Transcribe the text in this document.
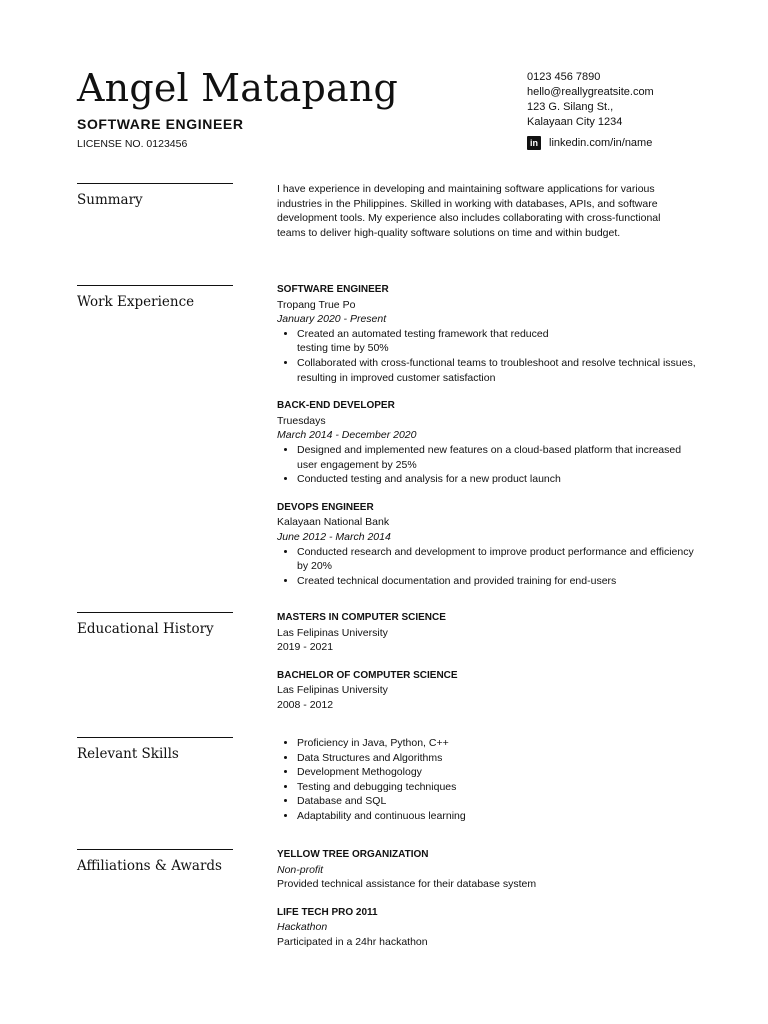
Angel Matapang
SOFTWARE ENGINEER
LICENSE NO. 0123456
0123 456 7890
hello@reallygreatsite.com
123 G. Silang St.,
Kalayaan City 1234
in linkedin.com/in/name
Summary
I have experience in developing and maintaining software applications for various industries in the Philippines. Skilled in working with databases, APIs, and software development tools. My experience also includes collaborating with cross-functional teams to deliver high-quality software solutions on time and within budget.
Work Experience

SOFTWARE ENGINEER

Tropang True Po

January 2020 - Present

• Created an automated testing framework that reduced testing time by 50%
• Collaborated with cross-functional teams to troubleshoot and resolve technical issues, resulting in improved customer satisfaction

BACK-END DEVELOPER

Truesdays

March 2014 - December 2020

• Designed and implemented new features on a cloud-based platform that increased user engagement by 25%
• Conducted testing and analysis for a new product launch

DEVOPS ENGINEER

Kalayaan National Bank

June 2012 - March 2014

• Conducted research and development to improve product performance and efficiency by 20%
• Created technical documentation and provided training for end-users
Educational History

MASTERS IN COMPUTER SCIENCE

Las Felipinas University

2019 - 2021

BACHELOR OF COMPUTER SCIENCE

Las Felipinas University

2008 - 2012

Relevant Skills
• Proficiency in Java, Python, C++
• Data Structures and Algorithms
• Development Methogology
• Testing and debugging techniques
• Database and SQL
• Adaptability and continuous learning
Affiliations & Awards

YELLOW TREE ORGANIZATION

Non-profit

Provided technical assistance for their database system

LIFE TECH PRO 2011

Hackathon

Participated in a 24hr hackathon
